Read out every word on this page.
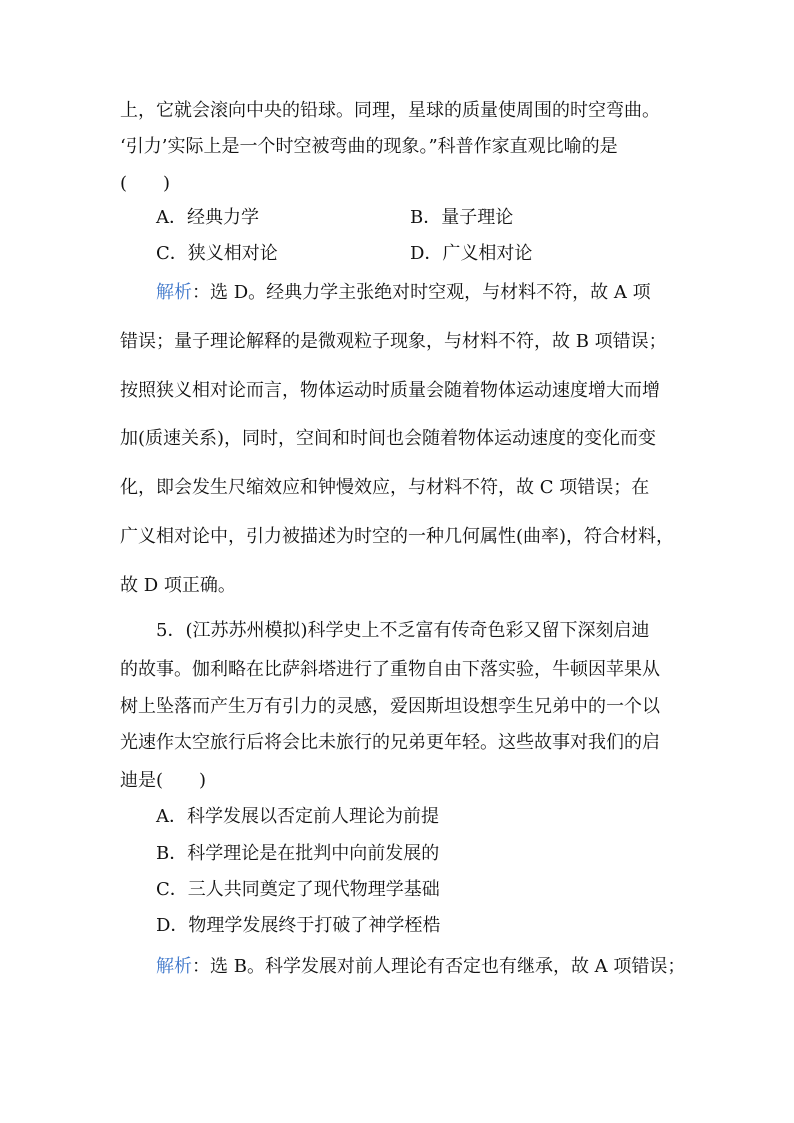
上，它就会滚向中央的铅球。同理，星球的质量使周围的时空弯曲。
‘引力’实际上是一个时空被弯曲的现象。”科普作家直观比喻的是
(　　)
A．经典力学	B．量子理论
C．狭义相对论	D．广义相对论
解析：选 D。经典力学主张绝对时空观，与材料不符，故 A 项
错误；量子理论解释的是微观粒子现象，与材料不符，故 B 项错误；
按照狭义相对论而言，物体运动时质量会随着物体运动速度增大而增
加(质速关系)，同时，空间和时间也会随着物体运动速度的变化而变
化，即会发生尺缩效应和钟慢效应，与材料不符，故 C 项错误；在
广义相对论中，引力被描述为时空的一种几何属性(曲率)，符合材料，
故 D 项正确。
5．(江苏苏州模拟)科学史上不乏富有传奇色彩又留下深刻启迪
的故事。伽利略在比萨斜塔进行了重物自由下落实验，牛顿因苹果从
树上坠落而产生万有引力的灵感，爱因斯坦设想孪生兄弟中的一个以
光速作太空旅行后将会比未旅行的兄弟更年轻。这些故事对我们的启
迪是(　　)
A．科学发展以否定前人理论为前提
B．科学理论是在批判中向前发展的
C．三人共同奠定了现代物理学基础
D．物理学发展终于打破了神学桎梏
解析：选 B。科学发展对前人理论有否定也有继承，故 A 项错误；
